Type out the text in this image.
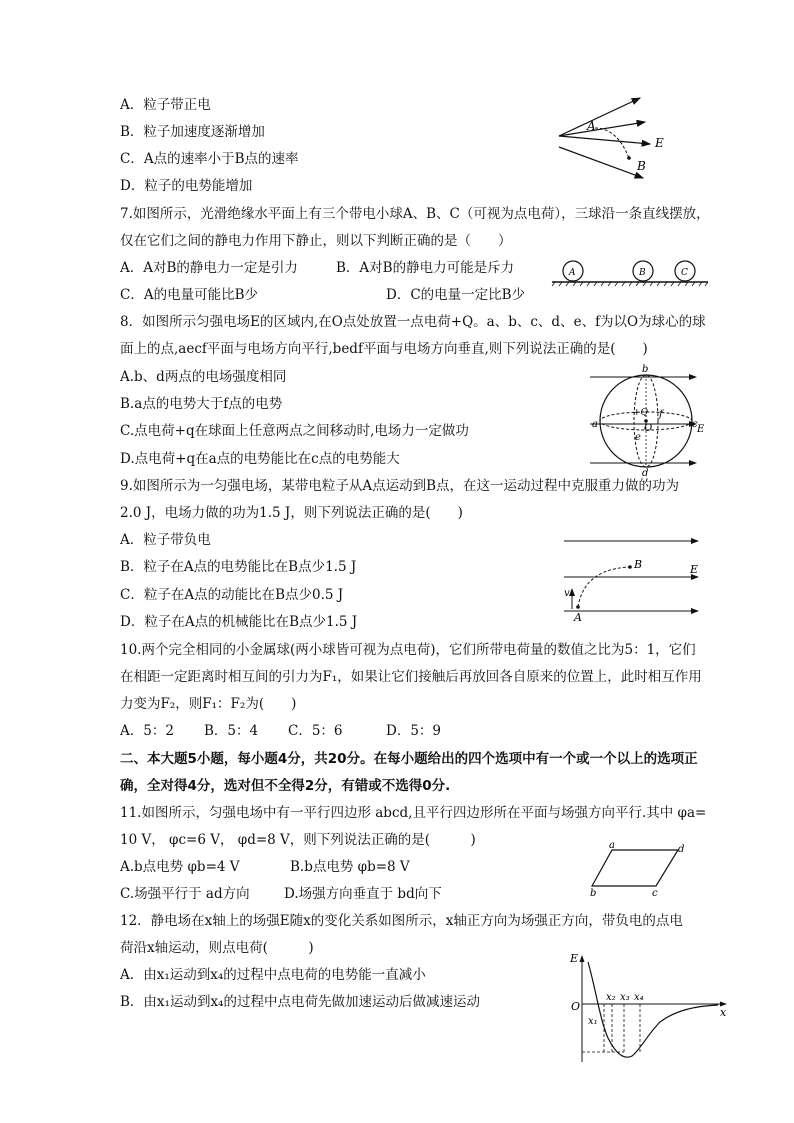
A．粒子带正电
B．粒子加速度逐渐增加
C．A点的速率小于B点的速率
D．粒子的电势能增加
A
B
E
7.如图所示，光滑绝缘水平面上有三个带电小球A、B、C（可视为点电荷），三球沿一条直线摆放，
仅在它们之间的静电力作用下静止，则以下判断正确的是（　　）
A．A对B的静电力一定是引力	B．A对B的静电力可能是斥力
C．A的电量可能比B少	D．C的电量一定比B少
A	B	C
8．如图所示匀强电场E的区域内,在O点处放置一点电荷+Q。a、b、c、d、e、f为以O为球心的球
面上的点,aecf平面与电场方向平行,bedf平面与电场方向垂直,则下列说法正确的是(　　)
A.b、d两点的电场强度相同
B.a点的电势大于f点的电势
C.点电荷+q在球面上任意两点之间移动时,电场力一定做功
D.点电荷+q在a点的电势能比在c点的电势能大
b
d
a	c
e
f
O
+Q
E
9.如图所示为一匀强电场，某带电粒子从A点运动到B点，在这一运动过程中克服重力做的功为
2.0 J，电场力做的功为1.5 J，则下列说法正确的是(　　)
A．粒子带负电
B．粒子在A点的电势能比在B点少1.5 J
C．粒子在A点的动能比在B点少0.5 J
D．粒子在A点的机械能比在B点少1.5 J
B
A
v
E
10.两个完全相同的小金属球(两小球皆可视为点电荷)，它们所带电荷量的数值之比为5：1，它们
在相距一定距离时相互间的引力为F₁，如果让它们接触后再放回各自原来的位置上，此时相互作用
力变为F₂，则F₁：F₂为(　　)
A．5：2 B．5：4 C．5：6	D．5：9
二、本大题5小题，每小题4分，共20分。在每小题给出的四个选项中有一个或一个以上的选项正
确，全对得4分，选对但不全得2分，有错或不选得0分.
11.如图所示，匀强电场中有一平行四边形 abcd,且平行四边形所在平面与场强方向平行.其中 φa=
10 V， φc=6 V， φd=8 V，则下列说法正确的是(　　　)
A.b点电势 φb=4 V	B.b点电势 φb=8 V
C.场强平行于 ad方向	D.场强方向垂直于 bd向下
a	d
b	c
12．静电场在x轴上的场强E随x的变化关系如图所示，x轴正方向为场强正方向，带负电的点电
荷沿x轴运动，则点电荷(　　　)
A．由x₁运动到x₄的过程中点电荷的电势能一直减小
B．由x₁运动到x₄的过程中点电荷先做加速运动后做减速运动
E
O	x
x₁
x₂ x₃ x₄
